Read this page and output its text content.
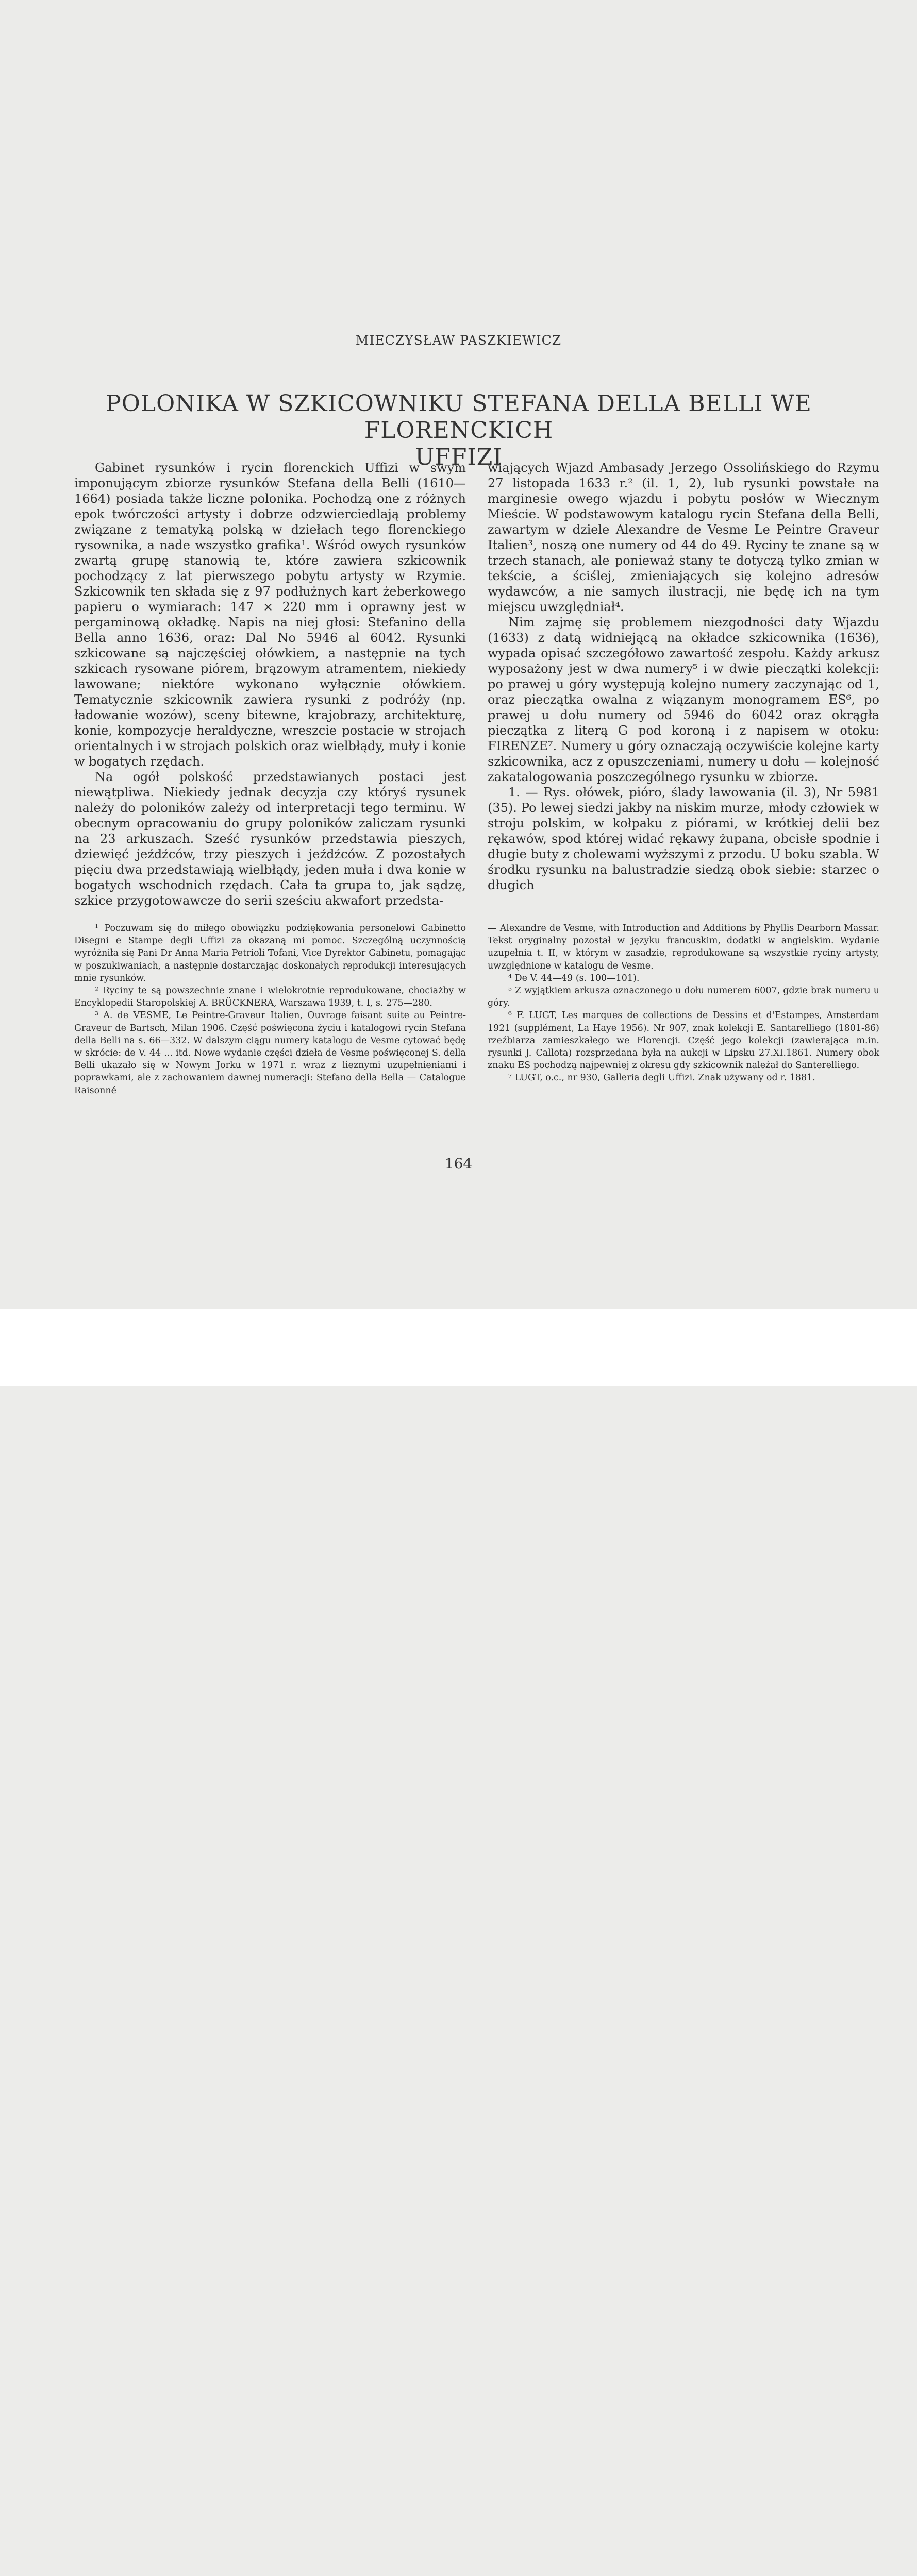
MIECZYSŁAW PASZKIEWICZ
POLONIKA W SZKICOWNIKU STEFANA DELLA BELLI WE FLORENCKICH
UFFIZI

Gabinet rysunków i rycin florenckich Uffizi w swym imponującym zbiorze rysunków Stefana della Belli (1610—1664) posiada także liczne polonika. Pochodzą one z różnych epok twórczości artysty i dobrze odzwierciedlają problemy związane z tematyką polską w dziełach tego florenckiego rysownika, a nade wszystko grafika¹. Wśród owych rysunków zwartą grupę stanowią te, które zawiera szkicownik pochodzący z lat pierwszego pobytu artysty w Rzymie. Szkicownik ten składa się z 97 podłużnych kart żeberkowego papieru o wymiarach: 147 × 220 mm i oprawny jest w pergaminową okładkę. Napis na niej głosi: Stefanino della Bella anno 1636, oraz: Dal No 5946 al 6042. Rysunki szkicowane są najczęściej ołówkiem, a następnie na tych szkicach rysowane piórem, brązowym atramentem, niekiedy lawowane; niektóre wykonano wyłącznie ołówkiem. Tematycznie szkicownik zawiera rysunki z podróży (np. ładowanie wozów), sceny bitewne, krajobrazy, architekturę, konie, kompozycje heraldyczne, wreszcie postacie w strojach orientalnych i w strojach polskich oraz wielbłądy, muły i konie w bogatych rzędach.

Na ogół polskość przedstawianych postaci jest niewątpliwa. Niekiedy jednak decyzja czy któryś rysunek należy do poloników zależy od interpretacji tego terminu. W obecnym opracowaniu do grupy poloników zaliczam rysunki na 23 arkuszach. Sześć rysunków przedstawia pieszych, dziewięć jeźdźców, trzy pieszych i jeźdźców. Z pozostałych pięciu dwa przedstawiają wielbłądy, jeden muła i dwa konie w bogatych wschodnich rzędach. Cała ta grupa to, jak sądzę, szkice przygotowawcze do serii sześciu akwafort przedsta-

wiających Wjazd Ambasady Jerzego Ossolińskiego do Rzymu 27 listopada 1633 r.² (il. 1, 2), lub rysunki powstałe na marginesie owego wjazdu i pobytu posłów w Wiecznym Mieście. W podstawowym katalogu rycin Stefana della Belli, zawartym w dziele Alexandre de Vesme Le Peintre Graveur Italien³, noszą one numery od 44 do 49. Ryciny te znane są w trzech stanach, ale ponieważ stany te dotyczą tylko zmian w tekście, a ściślej, zmieniających się kolejno adresów wydawców, a nie samych ilustracji, nie będę ich na tym miejscu uwzględniał⁴.

Nim zajmę się problemem niezgodności daty Wjazdu (1633) z datą widniejącą na okładce szkicownika (1636), wypada opisać szczegółowo zawartość zespołu. Każdy arkusz wyposażony jest w dwa numery⁵ i w dwie pieczątki kolekcji: po prawej u góry występują kolejno numery zaczynając od 1, oraz pieczątka owalna z wiązanym monogramem ES⁶, po prawej u dołu numery od 5946 do 6042 oraz okrągła pieczątka z literą G pod koroną i z napisem w otoku: FIRENZE⁷. Numery u góry oznaczają oczywiście kolejne karty szkicownika, acz z opuszczeniami, numery u dołu — kolejność zakatalogowania poszczególnego rysunku w zbiorze.

1. — Rys. ołówek, pióro, ślady lawowania (il. 3), Nr 5981 (35). Po lewej siedzi jakby na niskim murze, młody człowiek w stroju polskim, w kołpaku z piórami, w krótkiej delii bez rękawów, spod której widać rękawy żupana, obcisłe spodnie i długie buty z cholewami wyższymi z przodu. U boku szabla. W środku rysunku na balustradzie siedzą obok siebie: starzec o długich

¹ Poczuwam się do miłego obowiązku podziękowania personelowi Gabinetto Disegni e Stampe degli Uffizi za okazaną mi pomoc. Szczególną uczynnością wyróżniła się Pani Dr Anna Maria Petrioli Tofani, Vice Dyrektor Gabinetu, pomagając w poszukiwaniach, a następnie dostarczając doskonałych reprodukcji interesujących mnie rysunków.

² Ryciny te są powszechnie znane i wielokrotnie reprodukowane, chociażby w Encyklopedii Staropolskiej A. BRÜCKNERA, Warszawa 1939, t. I, s. 275—280.

³ A. de VESME, Le Peintre-Graveur Italien, Ouvrage faisant suite au Peintre-Graveur de Bartsch, Milan 1906. Część poświęcona życiu i katalogowi rycin Stefana della Belli na s. 66—332. W dalszym ciągu numery katalogu de Vesme cytować będę w skrócie: de V. 44 ... itd. Nowe wydanie części dzieła de Vesme poświęconej S. della Belli ukazało się w Nowym Jorku w 1971 r. wraz z lieznymi uzupełnieniami i poprawkami, ale z zachowaniem dawnej numeracji: Stefano della Bella — Catalogue Raisonné

— Alexandre de Vesme, with Introduction and Additions by Phyllis Dearborn Massar. Tekst oryginalny pozostał w języku francuskim, dodatki w angielskim. Wydanie uzupełnia t. II, w którym w zasadzie, reprodukowane są wszystkie ryciny artysty, uwzględnione w katalogu de Vesme.

⁴ De V. 44—49 (s. 100—101).

⁵ Z wyjątkiem arkusza oznaczonego u dołu numerem 6007, gdzie brak numeru u góry.

⁶ F. LUGT, Les marques de collections de Dessins et d'Estampes, Amsterdam 1921 (supplément, La Haye 1956). Nr 907, znak kolekcji E. Santarelliego (1801-86) rzeźbiarza zamieszkałego we Florencji. Część jego kolekcji (zawierająca m.in. rysunki J. Callota) rozsprzedana była na aukcji w Lipsku 27.XI.1861. Numery obok znaku ES pochodzą najpewniej z okresu gdy szkicownik należał do Santerelliego.

⁷ LUGT, o.c., nr 930, Galleria degli Uffizi. Znak używany od r. 1881.

164
